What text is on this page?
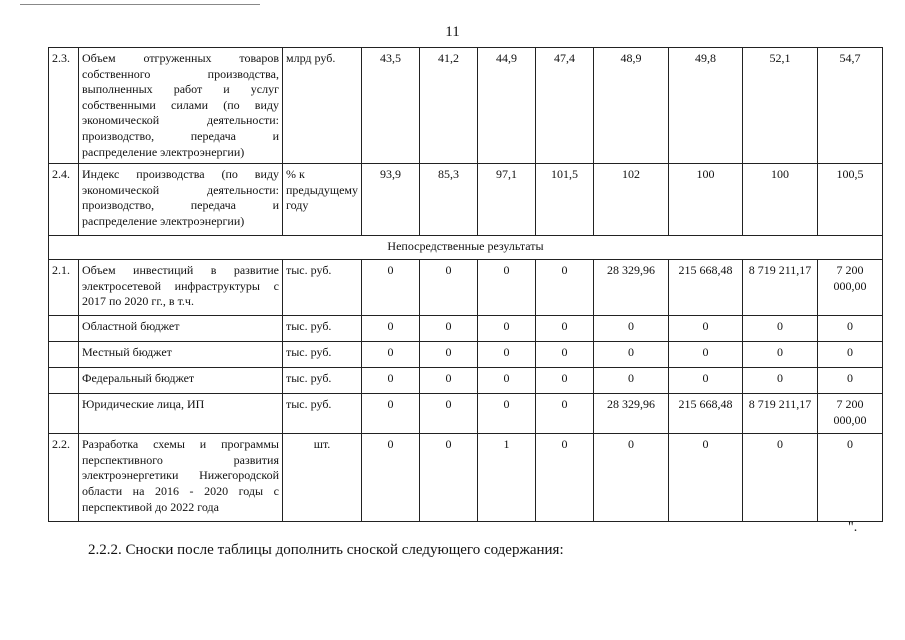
11
2.3.	Объем отгруженных товаров собственного производства, выполненных работ и услуг собственными силами (по виду экономической деятельности: производство, передача и распределение электроэнергии)	млрд руб.	43,5	41,2	44,9	47,4	48,9	49,8	52,1	54,7
2.4.	Индекс производства (по виду экономической деятельности: производство, передача и распределение электроэнергии)	% к предыдущему году	93,9	85,3	97,1	101,5	102	100	100	100,5
Непосредственные результаты										
2.1.	Объем инвестиций в развитие электросетевой инфраструктуры с 2017 по 2020 гг., в т.ч.	тыс. руб.	0	0	0	0	28 329,96	215 668,48	8 719 211,17	7 200 000,00
	Областной бюджет	тыс. руб.	0	0	0	0	0	0	0	0
	Местный бюджет	тыс. руб.	0	0	0	0	0	0	0	0
	Федеральный бюджет	тыс. руб.	0	0	0	0	0	0	0	0
	Юридические лица, ИП	тыс. руб.	0	0	0	0	28 329,96	215 668,48	8 719 211,17	7 200 000,00
2.2.	Разработка схемы и программы перспективного развития электроэнергетики Нижегородской области на 2016 - 2020 годы с перспективой до 2022 года	шт.	0	0	1	0	0	0	0	0
".
2.2.2. Сноски после таблицы дополнить сноской следующего содержания:
